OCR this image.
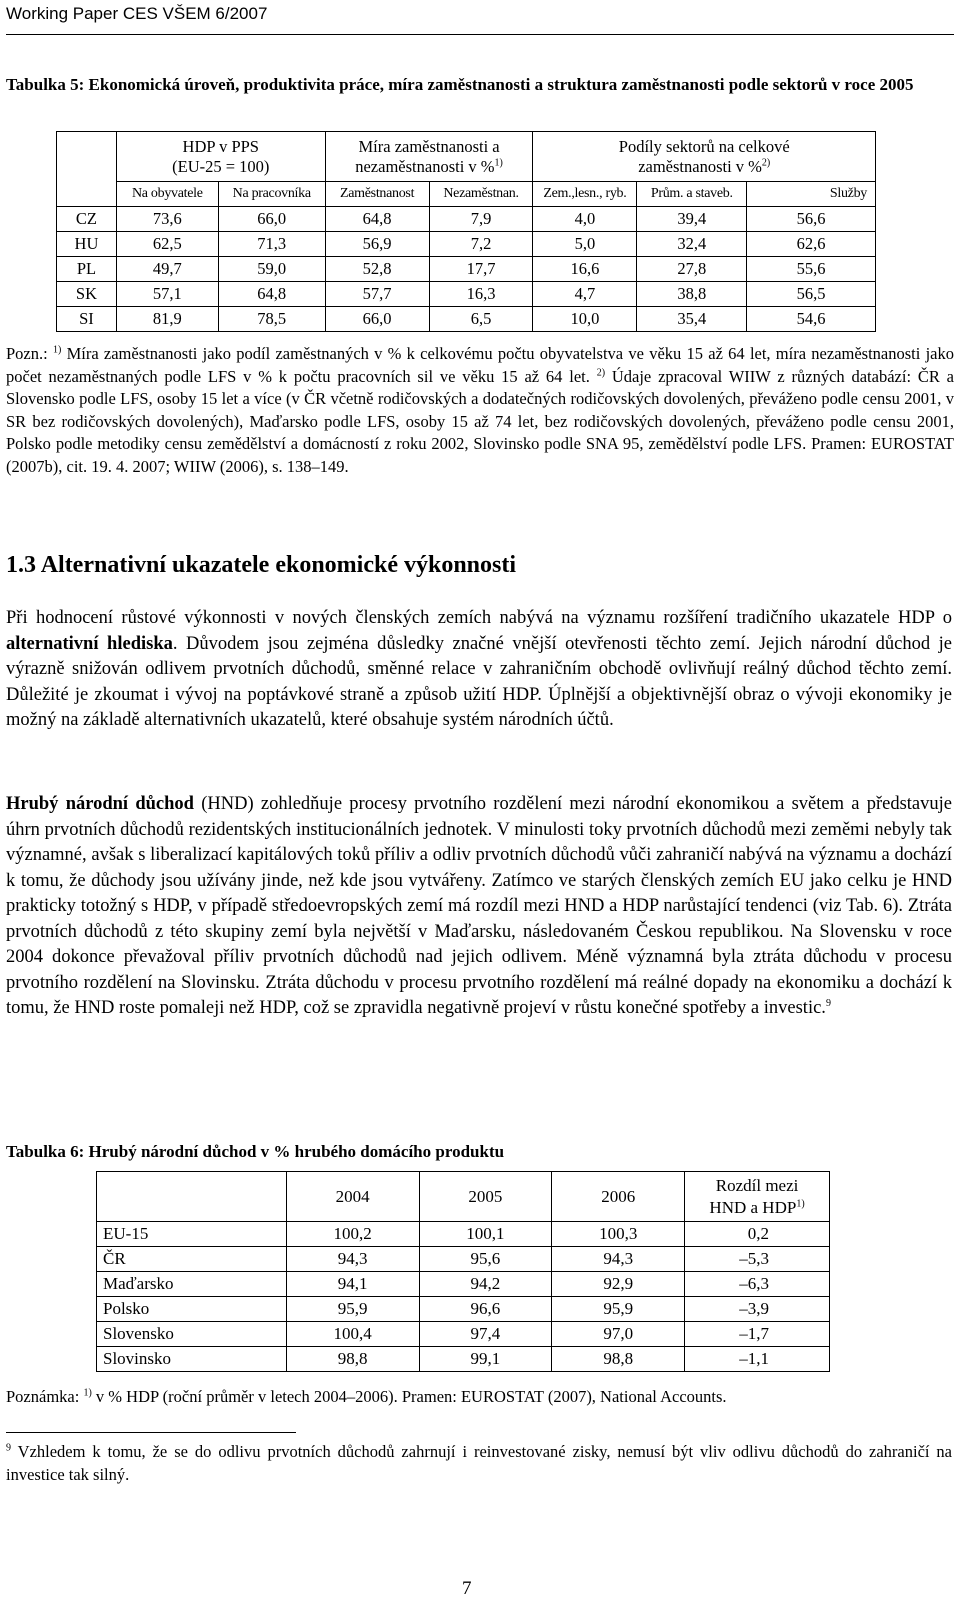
Working Paper CES VŠEM 6/2007
Tabulka 5: Ekonomická úroveň, produktivita práce, míra zaměstnanosti a struktura zaměstnanosti podle sektorů v roce 2005
	HDP v PPS
(EU-25 = 100)		Míra zaměstnanosti a
nezaměstnanosti v %$^{1)}$		Podíly sektorů na celkové
zaměstnanosti v %$^{2)}$
	Na obyvatele	Na pracovníka	Zaměstnanost	Nezaměstnan.	Zem.,lesn., ryb.	Prům. a staveb.	Služby
CZ	73,6	66,0	64,8	7,9	4,0	39,4	56,6
HU	62,5	71,3	56,9	7,2	5,0	32,4	62,6
PL	49,7	59,0	52,8	17,7	16,6	27,8	55,6
SK	57,1	64,8	57,7	16,3	4,7	38,8	56,5
SI	81,9	78,5	66,0	6,5	10,0	35,4	54,6
Pozn.: $^{1)}$ Míra zaměstnanosti jako podíl zaměstnaných v % k celkovému počtu obyvatelstva ve věku 15 až 64 let, míra nezaměstnanosti jako počet nezaměstnaných podle LFS v % k počtu pracovních sil ve věku 15 až 64 let. $^{2)}$ Údaje zpracoval WIIW z různých databází: ČR a Slovensko podle LFS, osoby 15 let a více (v ČR včetně rodičovských a dodatečných rodičovských dovolených, převáženo podle censu 2001, v SR bez rodičovských dovolených), Maďarsko podle LFS, osoby 15 až 74 let, bez rodičovských dovolených, převáženo podle censu 2001, Polsko podle metodiky censu zemědělství a domácností z roku 2002, Slovinsko podle SNA 95, zemědělství podle LFS. Pramen: EUROSTAT (2007b), cit. 19. 4. 2007; WIIW (2006), s. 138–149.
1.3 Alternativní ukazatele ekonomické výkonnosti
Při hodnocení růstové výkonnosti v nových členských zemích nabývá na významu rozšíření tradičního ukazatele HDP o alternativní hlediska. Důvodem jsou zejména důsledky značné vnější otevřenosti těchto zemí. Jejich národní důchod je výrazně snižován odlivem prvotních důchodů, směnné relace v zahraničním obchodě ovlivňují reálný důchod těchto zemí. Důležité je zkoumat i vývoj na poptávkové straně a způsob užití HDP. Úplnější a objektivnější obraz o vývoji ekonomiky je možný na základě alternativních ukazatelů, které obsahuje systém národních účtů.
Hrubý národní důchod (HND) zohledňuje procesy prvotního rozdělení mezi národní ekonomikou a světem a představuje úhrn prvotních důchodů rezidentských institucionálních jednotek. V minulosti toky prvotních důchodů mezi zeměmi nebyly tak významné, avšak s liberalizací kapitálových toků příliv a odliv prvotních důchodů vůči zahraničí nabývá na významu a dochází k tomu, že důchody jsou užívány jinde, než kde jsou vytvářeny. Zatímco ve starých členských zemích EU jako celku je HND prakticky totožný s HDP, v případě středoevropských zemí má rozdíl mezi HND a HDP narůstající tendenci (viz Tab. 6). Ztráta prvotních důchodů z této skupiny zemí byla největší v Maďarsku, následovaném Českou republikou. Na Slovensku v roce 2004 dokonce převažoval příliv prvotních důchodů nad jejich odlivem. Méně významná byla ztráta důchodu v procesu prvotního rozdělení na Slovinsku. Ztráta důchodu v procesu prvotního rozdělení má reálné dopady na ekonomiku a dochází k tomu, že HND roste pomaleji než HDP, což se zpravidla negativně projeví v růstu konečné spotřeby a investic.$^9$
Tabulka 6: Hrubý národní důchod v % hrubého domácího produktu
	2004	2005	2006	Rozdíl mezi
HND a HDP$^{1)}$
EU-15	100,2	100,1	100,3	0,2
ČR	94,3	95,6	94,3	–5,3
Maďarsko	94,1	94,2	92,9	–6,3
Polsko	95,9	96,6	95,9	–3,9
Slovensko	100,4	97,4	97,0	–1,7
Slovinsko	98,8	99,1	98,8	–1,1
Poznámka: $^{1)}$ v % HDP (roční průměr v letech 2004–2006). Pramen: EUROSTAT (2007), National Accounts.
$^9$ Vzhledem k tomu, že se do odlivu prvotních důchodů zahrnují i reinvestované zisky, nemusí být vliv odlivu důchodů do zahraničí na investice tak silný.
7
